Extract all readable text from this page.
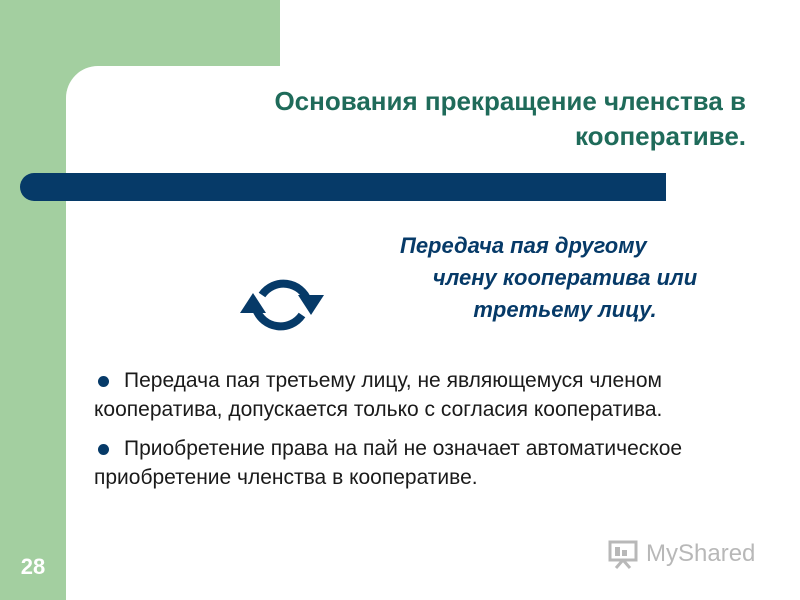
Основания прекращение членства в кооперативе.
Передача пая другому
члену кооператива или
третьему лицу.
Передача пая третьему лицу, не являющемуся членом кооператива, допускается только с согласия кооператива.
Приобретение права на пай не означает автоматическое приобретение членства в кооперативе.
28	MyShared
